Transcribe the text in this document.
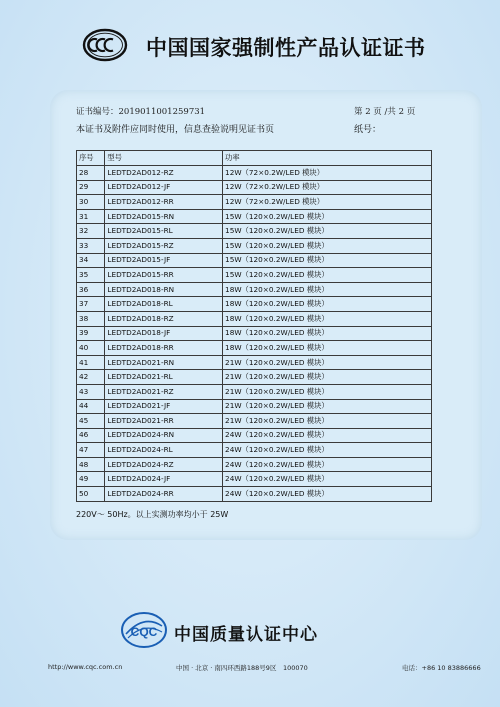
中国国家强制性产品认证证书
证书编号：2019011001259731	第 2 页 /共 2 页
本证书及附件应同时使用，信息查验说明见证书页	纸号：
序号	型号	功率
28	LEDTD2AD012-RZ	12W（72×0.2W/LED 模块）
29	LEDTD2AD012-JF	12W（72×0.2W/LED 模块）
30	LEDTD2AD012-RR	12W（72×0.2W/LED 模块）
31	LEDTD2AD015-RN	15W（120×0.2W/LED 模块）
32	LEDTD2AD015-RL	15W（120×0.2W/LED 模块）
33	LEDTD2AD015-RZ	15W（120×0.2W/LED 模块）
34	LEDTD2AD015-JF	15W（120×0.2W/LED 模块）
35	LEDTD2AD015-RR	15W（120×0.2W/LED 模块）
36	LEDTD2AD018-RN	18W（120×0.2W/LED 模块）
37	LEDTD2AD018-RL	18W（120×0.2W/LED 模块）
38	LEDTD2AD018-RZ	18W（120×0.2W/LED 模块）
39	LEDTD2AD018-JF	18W（120×0.2W/LED 模块）
40	LEDTD2AD018-RR	18W（120×0.2W/LED 模块）
41	LEDTD2AD021-RN	21W（120×0.2W/LED 模块）
42	LEDTD2AD021-RL	21W（120×0.2W/LED 模块）
43	LEDTD2AD021-RZ	21W（120×0.2W/LED 模块）
44	LEDTD2AD021-JF	21W（120×0.2W/LED 模块）
45	LEDTD2AD021-RR	21W（120×0.2W/LED 模块）
46	LEDTD2AD024-RN	24W（120×0.2W/LED 模块）
47	LEDTD2AD024-RL	24W（120×0.2W/LED 模块）
48	LEDTD2AD024-RZ	24W（120×0.2W/LED 模块）
49	LEDTD2AD024-JF	24W（120×0.2W/LED 模块）
50	LEDTD2AD024-RR	24W（120×0.2W/LED 模块）
220V～ 50Hz。以上实测功率均小于 25W
CQC 中国质量认证中心
http://www.cqc.com.cn	中国 · 北京 · 南四环西路188号9区　100070	电话：+86 10 83886666
